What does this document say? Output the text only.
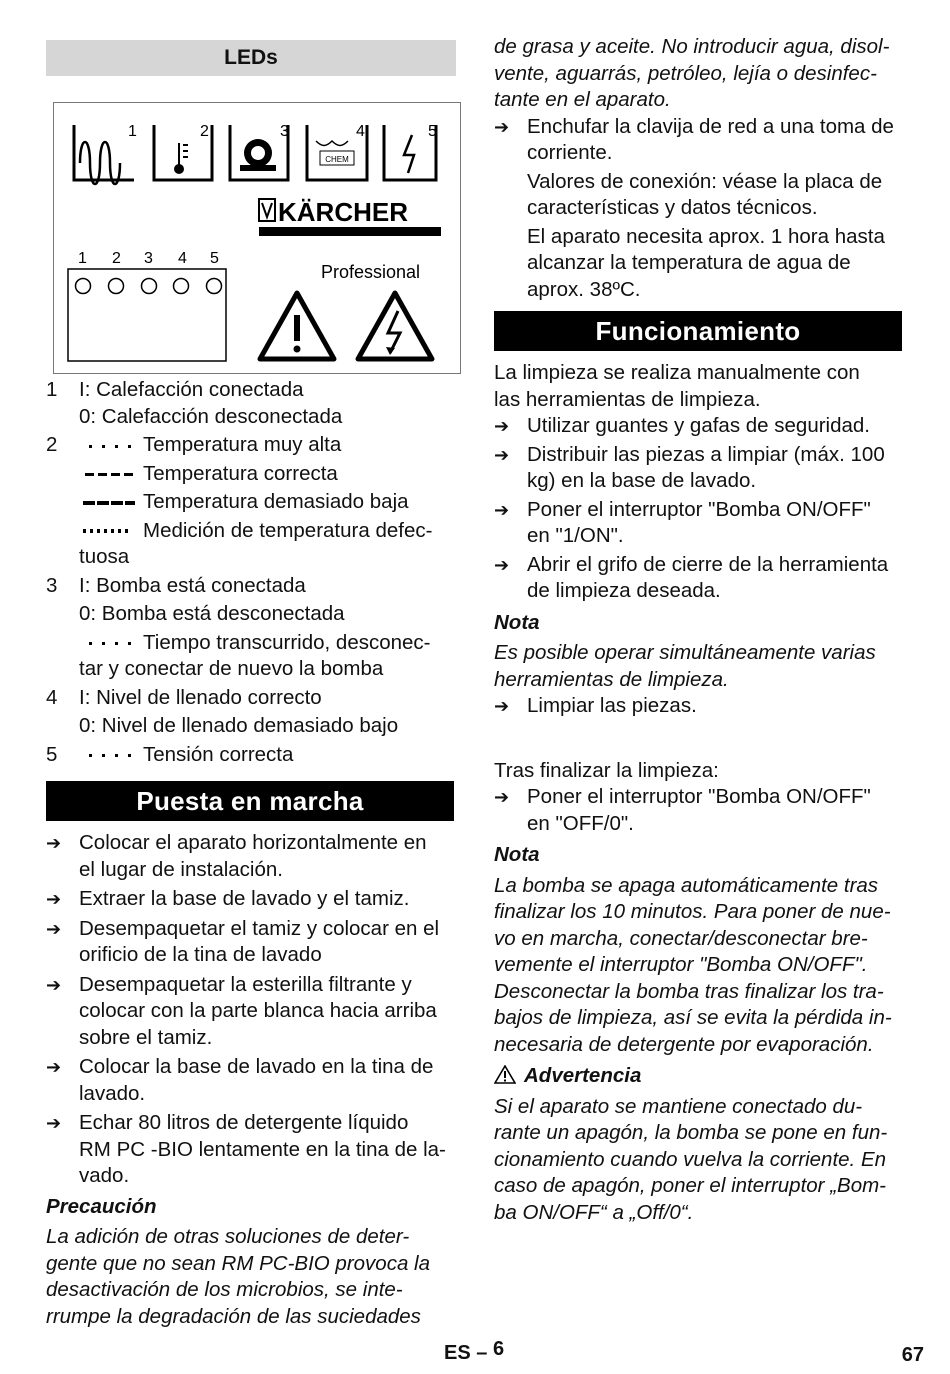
LEDs
1	2	3
CHEM
4	5
KÄRCHER
1 2 3 4 5
Professional
1	I: Calefacción conectada
0: Calefacción desconectada
2	Temperatura muy alta
Temperatura correcta
Temperatura demasiado baja
Medición de temperatura defec-
tuosa
3	I: Bomba está conectada
0: Bomba está desconectada
Tiempo transcurrido, desconec-
tar y conectar de nuevo la bomba
4	I: Nivel de llenado correcto
0: Nivel de llenado demasiado bajo
5	Tensión correcta
Puesta en marcha
➔ Colocar el aparato horizontalmente en
el lugar de instalación.
➔ Extraer la base de lavado y el tamiz.
➔ Desempaquetar el tamiz y colocar en el
orificio de la tina de lavado
➔ Desempaquetar la esterilla filtrante y
colocar con la parte blanca hacia arriba
sobre el tamiz.
➔ Colocar la base de lavado en la tina de
lavado.
➔ Echar 80 litros de detergente líquido
RM PC -BIO lentamente en la tina de la-
vado.
Precaución
La adición de otras soluciones de deter-
gente que no sean RM PC-BIO provoca la
desactivación de los microbios, se inte-
rrumpe la degradación de las suciedades
de grasa y aceite. No introducir agua, disol-
vente, aguarrás, petróleo, lejía o desinfec-
tante en el aparato.
➔ Enchufar la clavija de red a una toma de
corriente.
Valores de conexión: véase la placa de
características y datos técnicos.
El aparato necesita aprox. 1 hora hasta
alcanzar la temperatura de agua de
aprox. 38ºC.
Funcionamiento
La limpieza se realiza manualmente con
las herramientas de limpieza.
➔ Utilizar guantes y gafas de seguridad.
➔ Distribuir las piezas a limpiar (máx. 100
kg) en la base de lavado.
➔ Poner el interruptor "Bomba ON/OFF"
en "1/ON".
➔ Abrir el grifo de cierre de la herramienta
de limpieza deseada.
Nota
Es posible operar simultáneamente varias
herramientas de limpieza.
➔ Limpiar las piezas.
Tras finalizar la limpieza:
➔ Poner el interruptor "Bomba ON/OFF"
en "OFF/0".
Nota
La bomba se apaga automáticamente tras
finalizar los 10 minutos. Para poner de nue-
vo en marcha, conectar/desconectar bre-
vemente el interruptor "Bomba ON/OFF".
Desconectar la bomba tras finalizar los tra-
bajos de limpieza, así se evita la pérdida in-
necesaria de detergente por evaporación.
Advertencia
Si el aparato se mantiene conectado du-
rante un apagón, la bomba se pone en fun-
cionamiento cuando vuelva la corriente. En
caso de apagón, poner el interruptor „Bom-
ba ON/OFF“ a „Off/0“.
ES – 6	67
